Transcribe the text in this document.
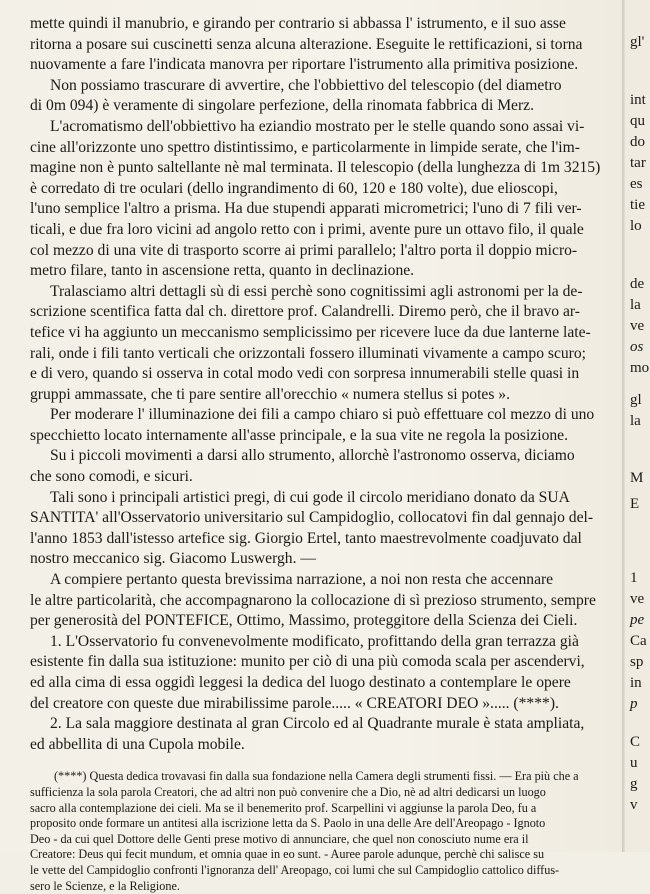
mette quindi il manubrio, e girando per contrario si abbassa l' istrumento, e il suo asse
ritorna a posare sui cuscinetti senza alcuna alterazione. Eseguite le rettificazioni, si torna
nuovamente a fare l'indicata manovra per riportare l'istrumento alla primitiva posizione.
Non possiamo trascurare di avvertire, che l'obbiettivo del telescopio (del diametro
di 0m 094) è veramente di singolare perfezione, della rinomata fabbrica di Merz.
L'acromatismo dell'obbiettivo ha eziandio mostrato per le stelle quando sono assai vi-
cine all'orizzonte uno spettro distintissimo, e particolarmente in limpide serate, che l'im-
magine non è punto saltellante nè mal terminata. Il telescopio (della lunghezza di 1m 3215)
è corredato di tre oculari (dello ingrandimento di 60, 120 e 180 volte), due elioscopi,
l'uno semplice l'altro a prisma. Ha due stupendi apparati micrometrici; l'uno di 7 fili ver-
ticali, e due fra loro vicini ad angolo retto con i primi, avente pure un ottavo filo, il quale
col mezzo di una vite di trasporto scorre ai primi parallelo; l'altro porta il doppio micro-
metro filare, tanto in ascensione retta, quanto in declinazione.
Tralasciamo altri dettagli sù di essi perchè sono cognitissimi agli astronomi per la de-
scrizione scentifica fatta dal ch. direttore prof. Calandrelli. Diremo però, che il bravo ar-
tefice vi ha aggiunto un meccanismo semplicissimo per ricevere luce da due lanterne late-
rali, onde i fili tanto verticali che orizzontali fossero illuminati vivamente a campo scuro;
e di vero, quando si osserva in cotal modo vedi con sorpresa innumerabili stelle quasi in
gruppi ammassate, che ti pare sentire all'orecchio « numera stellus si potes ».
Per moderare l' illuminazione dei fili a campo chiaro si può effettuare col mezzo di uno
specchietto locato internamente all'asse principale, e la sua vite ne regola la posizione.
Su i piccoli movimenti a darsi allo strumento, allorchè l'astronomo osserva, diciamo
che sono comodi, e sicuri.
Tali sono i principali artistici pregi, di cui gode il circolo meridiano donato da SUA
SANTITA' all'Osservatorio universitario sul Campidoglio, collocatovi fin dal gennajo del-
l'anno 1853 dall'istesso artefice sig. Giorgio Ertel, tanto maestrevolmente coadjuvato dal
nostro meccanico sig. Giacomo Luswergh. —
A compiere pertanto questa brevissima narrazione, a noi non resta che accennare
le altre particolarità, che accompagnarono la collocazione di sì prezioso strumento, sempre
per generosità del PONTEFICE, Ottimo, Massimo, proteggitore della Scienza dei Cieli.
1. L'Osservatorio fu convenevolmente modificato, profittando della gran terrazza già
esistente fin dalla sua istituzione: munito per ciò di una più comoda scala per ascendervi,
ed alla cima di essa oggidì leggesi la dedica del luogo destinato a contemplare le opere
del creatore con queste due mirabilissime parole..... « CREATORI DEO »..... (****).
2. La sala maggiore destinata al gran Circolo ed al Quadrante murale è stata ampliata,
ed abbellita di una Cupola mobile.
(****) Questa dedica trovavasi fin dalla sua fondazione nella Camera degli strumenti fissi. — Era più che a
sufficienza la sola parola Creatori, che ad altri non può convenire che a Dio, nè ad altri dedicarsi un luogo
sacro alla contemplazione dei cieli. Ma se il benemerito prof. Scarpellini vi aggiunse la parola Deo, fu a
proposito onde formare un antitesi alla iscrizione letta da S. Paolo in una delle Are dell'Areopago - Ignoto
Deo - da cui quel Dottore delle Genti prese motivo di annunciare, che quel non conosciuto nume era il
Creatore: Deus qui fecit mundum, et omnia quae in eo sunt. - Auree parole adunque, perchè chi salisce su
le vette del Campidoglio confronti l'ignoranza dell' Areopago, coi lumi che sul Campidoglio cattolico diffus-
sero le Scienze, e la Religione.
gl'
int
qu
do
tar
es
tie
lo
de
la
ve
os
mo
gl
la
M
E
1
ve
pe
Ca
sp
in
p
C
u
g
v
